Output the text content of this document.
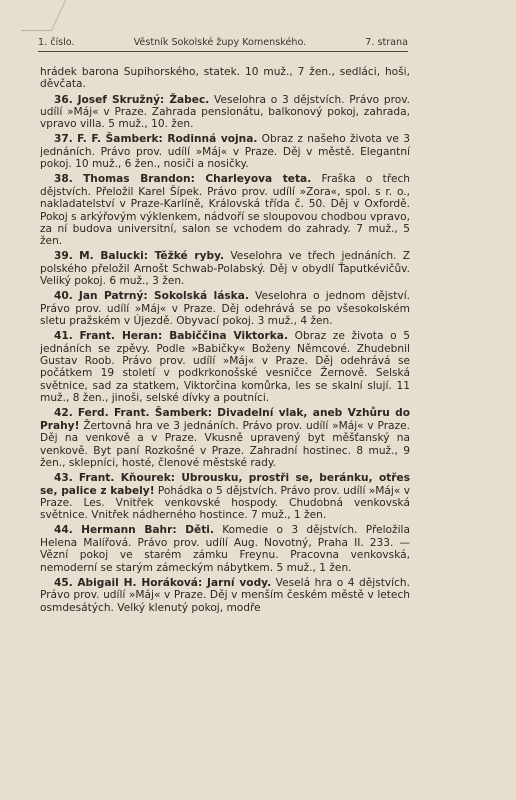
1. číslo.	Věstník Sokolské župy Komenského.	7. strana

hrádek barona Supihorského, statek. 10 muž., 7 žen., sedláci, hoši, děvčata.

36. Josef Skružný: Žabec. Veselohra o 3 dějstvích. Právo prov. udílí »Máj« v Praze. Zahrada pensionátu, balkonový pokoj, zahrada, vpravo villa. 5 muž., 10. žen.

37. F. F. Šamberk: Rodinná vojna. Obraz z našeho života ve 3 jednáních. Právo prov. udílí »Máj« v Praze. Děj v městě. Elegantní pokoj. 10 muž., 6 žen., nosiči a nosičky.

38. Thomas Brandon: Charleyova teta. Fraška o třech dějstvích. Přeložil Karel Šípek. Právo prov. udílí »Zora«, spol. s r. o., nakladatelství v Praze-Karlíně, Královská třída č. 50. Děj v Oxfordě. Pokoj s arkýřovým výklenkem, nádvoří se sloupovou chodbou vpravo, za ní budova universitní, salon se vchodem do zahrady. 7 muž., 5 žen.

39. M. Balucki: Těžké ryby. Veselohra ve třech jednáních. Z polského přeložil Arnošt Schwab-Polabský. Děj v obydlí Ťaputkévičův. Veliký pokoj. 6 muž., 3 žen.

40. Jan Patrný: Sokolská láska. Veselohra o jednom dějství. Právo prov. udílí »Máj« v Praze. Děj odehrává se po všesokolském sletu pražském v Újezdě. Obyvací pokoj. 3 muž., 4 žen.

41. Frant. Heran: Babiččina Viktorka. Obraz ze života o 5 jednáních se zpěvy. Podle »Babičky« Boženy Němcové. Zhudebnil Gustav Roob. Právo prov. udílí »Máj« v Praze. Děj odehrává se počátkem 19 století v podkrkonošské vesničce Žernově. Selská světnice, sad za statkem, Viktorčina komůrka, les se skalní slují. 11 muž., 8 žen., jinoši, selské dívky a poutníci.

42. Ferd. Frant. Šamberk: Divadelní vlak, aneb Vzhůru do Prahy! Žertovná hra ve 3 jednáních. Právo prov. udílí »Máj« v Praze. Děj na venkově a v Praze. Vkusně upravený byt měšťanský na venkově. Byt paní Rozkošné v Praze. Zahradní hostinec. 8 muž., 9 žen., sklepníci, hosté, členové městské rady.

43. Frant. Kňourek: Ubrousku, prostři se, beránku, otřes se, palice z kabely! Pohádka o 5 dějstvích. Právo prov. udílí »Máj« v Praze. Les. Vnitřek venkovské hospody. Chudobná venkovská světnice. Vnitřek nádherného hostince. 7 muž., 1 žen.

44. Hermann Bahr: Děti. Komedie o 3 dějstvích. Přeložila Helena Malířová. Právo prov. udílí Aug. Novotný, Praha II. 233. — Vězní pokoj ve starém zámku Freynu. Pracovna venkovská, nemoderní se starým zámeckým nábytkem. 5 muž., 1 žen.

45. Abigail H. Horáková: Jarní vody. Veselá hra o 4 dějstvích. Právo prov. udílí »Máj« v Praze. Děj v menším českém městě v letech osmdesátých. Velký klenutý pokoj, modře
